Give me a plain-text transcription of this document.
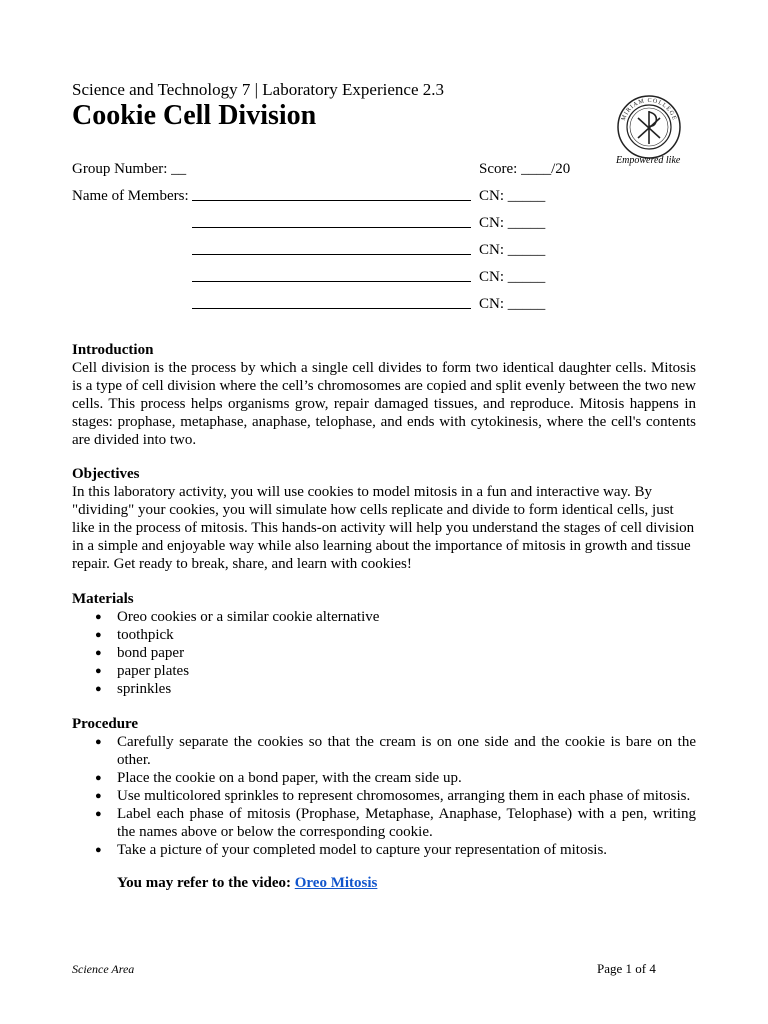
Science and Technology 7 | Laboratory Experience 2.3
Cookie Cell Division	MIRIAM COLLEGE
Empowered like
Group Number: __	Score: ____/20
Name of Members:	CN: _____
CN: _____
CN: _____
CN: _____
CN: _____
Introduction
Cell division is the process by which a single cell divides to form two identical daughter cells. Mitosis is a type of cell division where the cell’s chromosomes are copied and split evenly between the two new cells. This process helps organisms grow, repair damaged tissues, and reproduce. Mitosis happens in stages: prophase, metaphase, anaphase, telophase, and ends with cytokinesis, where the cell's contents are divided into two.
Objectives
In this laboratory activity, you will use cookies to model mitosis in a fun and interactive way. By "dividing" your cookies, you will simulate how cells replicate and divide to form identical cells, just like in the process of mitosis. This hands-on activity will help you understand the stages of cell division in a simple and enjoyable way while also learning about the importance of mitosis in growth and tissue repair. Get ready to break, share, and learn with cookies!
Materials
● Oreo cookies or a similar cookie alternative
● toothpick
● bond paper
● paper plates
● sprinkles
Procedure
● Carefully separate the cookies so that the cream is on one side and the cookie is bare on the other.
● Place the cookie on a bond paper, with the cream side up.
● Use multicolored sprinkles to represent chromosomes, arranging them in each phase of mitosis.
● Label each phase of mitosis (Prophase, Metaphase, Anaphase, Telophase) with a pen, writing the names above or below the corresponding cookie.
● Take a picture of your completed model to capture your representation of mitosis.
You may refer to the video: Oreo Mitosis
Science Area	Page 1 of 4
